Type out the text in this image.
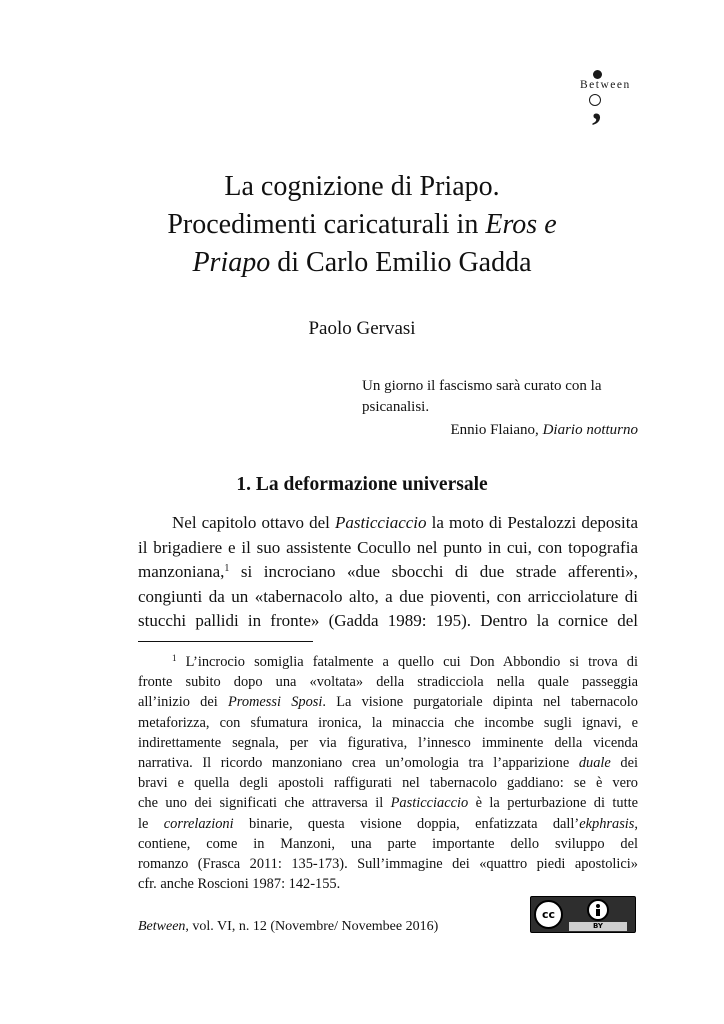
Between
,
La cognizione di Priapo.
Procedimenti caricaturali in Eros e
Priapo di Carlo Emilio Gadda

Paolo Gervasi

Un giorno il fascismo sarà curato con la psicanalisi.
Ennio Flaiano, Diario notturno
1. La deformazione universale
Nel capitolo ottavo del Pasticciaccio la moto di Pestalozzi deposita
il brigadiere e il suo assistente Cocullo nel punto in cui, con topografia
manzoniana,$^1$ si incrociano «due sbocchi di due strade afferenti»,
congiunti da un «tabernacolo alto, a due pioventi, con arricciolature di
stucchi pallidi in fronte» (Gadda 1989: 195). Dentro la cornice del
$^1$ L’incrocio somiglia fatalmente a quello cui Don Abbondio si trova di
fronte subito dopo una «voltata» della stradicciola nella quale passeggia
all’inizio dei Promessi Sposi. La visione purgatoriale dipinta nel tabernacolo
metaforizza, con sfumatura ironica, la minaccia che incombe sugli ignavi, e
indirettamente segnala, per via figurativa, l’innesco imminente della vicenda
narrativa. Il ricordo manzoniano crea un’omologia tra l’apparizione duale dei
bravi e quella degli apostoli raffigurati nel tabernacolo gaddiano: se è vero
che uno dei significati che attraversa il Pasticciaccio è la perturbazione di tutte
le correlazioni binarie, questa visione doppia, enfatizzata dall’ekphrasis,
contiene, come in Manzoni, una parte importante dello sviluppo del
romanzo (Frasca 2011: 135-173). Sull’immagine dei «quattro piedi apostolici»
cfr. anche Roscioni 1987: 142-155.
Between, vol. VI, n. 12 (Novembre/ Novembee 2016)
cc
BY
